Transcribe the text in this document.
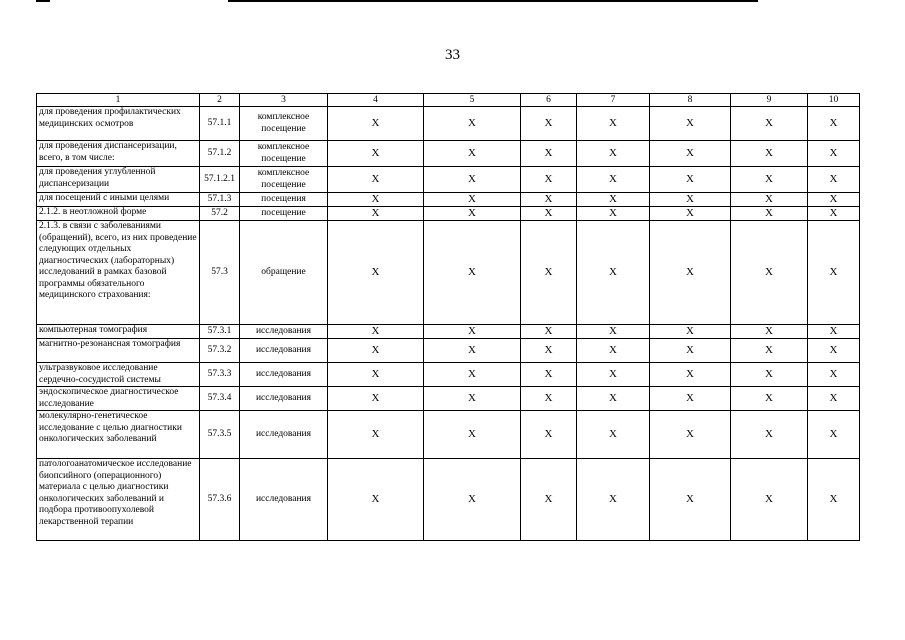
33
1	2	3	4	5	6	7	8	9	10
для проведения профилактических медицинских осмотров	57.1.1	комплексное посещение	X	X	X	X	X	X	X
для проведения диспансеризации, всего, в том числе:	57.1.2	комплексное посещение	X	X	X	X	X	X	X
для проведения углубленной диспансеризации	57.1.2.1	комплексное посещение	X	X	X	X	X	X	X
для посещений с иными целями	57.1.3	посещения	X	X	X	X	X	X	X
2.1.2. в неотложной форме	57.2	посещение	X	X	X	X	X	X	X
2.1.3. в связи с заболеваниями (обращений), всего, из них проведение следующих отдельных диагностических (лабораторных) исследований в рамках базовой программы обязательного медицинского страхования:	57.3	обращение	X	X	X	X	X	X	X
компьютерная томография	57.3.1	исследования	X	X	X	X	X	X	X
магнитно-резонансная томография	57.3.2	исследования	X	X	X	X	X	X	X
ультразвуковое исследование сердечно-сосудистой системы	57.3.3	исследования	X	X	X	X	X	X	X
эндоскопическое диагностическое исследование	57.3.4	исследования	X	X	X	X	X	X	X
молекулярно-генетическое исследование с целью диагностики онкологических заболеваний	57.3.5	исследования	X	X	X	X	X	X	X
патологоанатомическое исследование биопсийного (операционного) материала с целью диагностики онкологических заболеваний и подбора противоопухолевой лекарственной терапии	57.3.6	исследования	X	X	X	X	X	X	X
